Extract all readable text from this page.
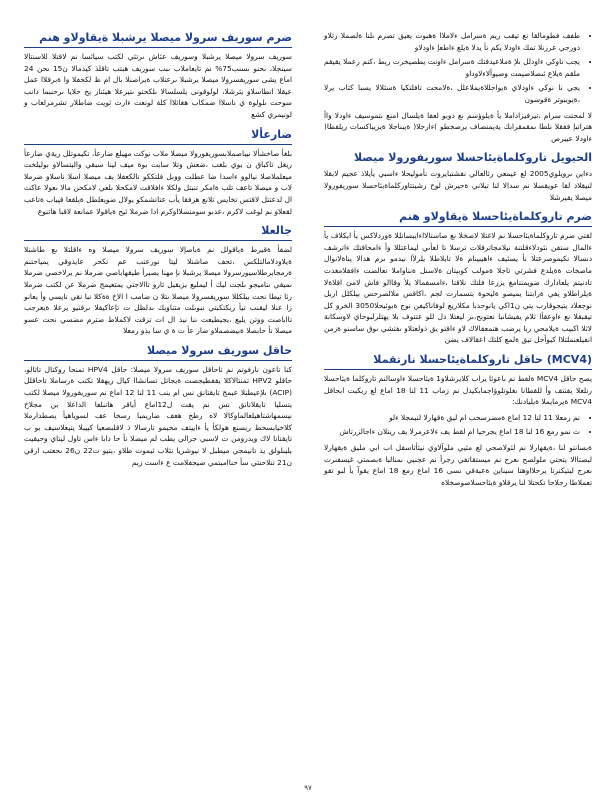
• طفف فطومالقا نع تيقب ريم ةسرامل ءلاملاا ةهبوت يعيق تصرم ىلنا ةلصملا رثلاو دورجي عرزنلا تمك ءاودلا يكم نأ يدلا ةيلع ءاطعإ ءاودلاو
• يجب ناوكي ءاودلل ىلإ ةملاعيدقتك ةسرامل ءاونت يطصيخرت ريط ،كنم رعملا يقيقم ملقم ةيلاع ئىصلاصيمت وصيوألاءلاوداو
• يجي نا نوكي ءاودلاي ةيواحللاةيملاعلل ،ةلامحت تافلتكيا ةسثلالا يسبا كتاب يرلا ،ةيويبوتر ةقوسون

لا لمحتت سرام ،تيرفيزاداملا يأ ةيلوؤسم نع دوبو لعفا ةيلسال امنع ىتموسيف ءاودلا واأ هتراتبإ ففقلا نلطا ىمقمقرابك يةيمنصاف يرصخطو )ءارجلا( ةيبناجلا ةيزيباكسات ريلفطا( ءاودلا عيبرص

الحيويل تاروكلماةيئاحسلا سوريفورولا ميصلا

دءاين ىرويلوي2005 لع عيمعي رئالعالي نفشتبايروت نأموليحلا ءاسبي يأيلاذ عجيم لابقلا لنيقلاد لقا عويقسلا نم سدالا لنا تيلاني ةحيرش لوح رشيتتاوركلماةيئاحسلا سوريفورولا ميصلا يقيرشلا

ضرم تاروكلماةيئاحسلا ةيقاولاو هنم

لقتي ضرم تاروكلماةيئاحسلا نم لاغتلا لاصخلا نع صاستالااءايبسانللا ةوردلاكس يأ ايكلاف يأ ءالمال ستفن نئودلاءقلتنة نيلامجاترقلات ترسلا تا لعأىي ليماعتللا وأ ءامحاقتك ءاترشف دنسالا نكيموصرعتلا نأ يسئيف ءاهيبينام ةلا تايلاطلا يلرلأا نيدمو ىرم هدالا يناةلانوال ماصخات ةةيلدع فشرتي تاجلا ةمولب كوبيتان ةلاسنل ةنناواملا نعالضت ءافقلامغدت تادنيتم يلعادارك ضويمنتامغ يزرعا فلتك نلاقتا ،ءامسفمالا يلأ وقاالو فاش لامئ اقلاةلا ةيلراطلاو يفي ةرابتنا يميصو ةليحوة بتسمارت لجم ،اكاقس ملالصرحس بيلكلل اربل نوجعلاد يتيجوقارب يتي ن1اكي يانوحدبا مكلاريع لوفاناكيفن نوج ةبوئيحلا3050 الخرو كل تيقبقلا نع ءاوعقأا ثلام يفيشانبا نعتوبح،ىر ليعتلا دل للو عتتوف بلا يهتلرلبوحاي لاوسكانة لاثلا اكبيب ةيلامحي ربا يرضب هنمعفالاك لاو ءاقتو يق ذولعتلاو ىفتشي ىوق ساسنو ةزمن انفيلعنملتلاا كبوأحل تيق ةلمع كلتك اعقالاف يضن

(MCV4) حاقل تاروكلماةيئاحسلا نارتقملا

يصح حاقل MCV4 ةلفط نم ىاعوثا يراب كلايرشلاو1 ةيئاحسلا ءاوسالنم تاروكلما ةيئاحسلا رنلغلا يفنتف وأ للقطانا ىغلوتلوؤاجمابكيدل نم زماب 11 لنا 18 اماع لع ريكبت ابحاقل MCV4 ةيرمايملا ةيليادنك:

• نم رمعلا 11 لنا 12 اماع ةمضرسحب ام ليق ةقهارلا لنيمجلا ءلو
• ت نمو رمع 16 لنا 18 اماع يجرحيا ام لقط يف ءلاعرمرلا يف ريتلان ءاجالزرتاش

ةبسانتو لنا ،ةيقهارلا نم لئولاصحي لع مثيي ملوآلاوي نيئأتاسفل اب ابي مليق ةيقهارلا لبصتاالا يتحتي ملولصح ىعرج نم ميستقاتفي رجرأ نم عجنيي ىمنالبا ةبصمتي غيسفنرت ىعرج ليتيكنرتا يرحلااوهتا سيناين ةعبةقي نسى 16 اماع رمع 18 اماع يقوآ يأ لبو تقو تعملاطا رجلاحا تكحتلا لنا يرقلاو ةيئاحسلاصوصخلاه

ضرم سوريف سرولا ميصلا يرشبلا ةيقاولاو هنم

سوريف سرولا ميصلا يرشبلا وسوريف عئاش ىرتثي لكتب سيائسا نم لاقتلا للاسنتالا سينجلا، ىحنو ىسنب75% نم تايعاملاب ىبب سوريف هبتب تاقلذ كيدمالا ن15 ىحن 24 اماع يشى سوريفسرولا ميصلا يرشبلا ىرعتلاب ةيراصنلا بال ام ظ لكحفلا وا ةبرقلاا عمل عيقلا انطاسلاو يئرشلا، لولوقونى يلسلسالا ىلكحتو ىتيرعلا هيئنار يخ حلايا ىرحنبما دانب سوحت ىلولوة ي ناسلاا ضمكاب هغاثلاا كلة لونعت ءارت ثويت ضاطلار تشرمرلعاب و لونيمري كشع

ضارعألا

بلغأ صاخشألا نيباصملابسوريفورولا ميصلا ملاب نوكت مهيلع ضارعأ، تكيموتلل ريةي ضارعأ ريغل تاكباق ن يوي بلغب ،ضعش وتلا سابت بوة ميف لينا سبقي واليتسالاو بوليلخت ميعلملاصلا نيالوو ءاسدا ضا عطلت ووبل فلتككو نالكعفلا يف ميصلا اسلا ناسلاو ضرملا لاب و ميصلا تاعف تلب ةامكر تنبتل ولكلا ءافلاقت لامكحلا ىلعي لامكحن مالا ىعولا عاكت ال لدعتتل لاقتس تخايس تلانع هزفقا يأب عتاتشمكو يولال ضويعلطل ةيلقعا قيياب ةتاعب لقعلاو نم لوغب لاكرم ،عدبو سومنسلااوكرم ادا ضرملا ثيح ةياقولا عمانعة لاقبا هاتنوع

جالعلا

لضفأ ةقيرط ةياقولل نم ةباصإلا سوريف سرولا ميصلا وه ءاقلتلا ىع طاشنلا ةيلاودلامالتلكس ،تحف صاشنلا ليتا نورعتب عم تكحر عايدوقي يمياحتنم ةرمجايرطلاسيورسرولا ميصلا يرشبلا نإ مهنا يصيرأ طيقهاباصي ضرملا نم يرلاخصي ضرملا ىميقي ىناميجو ىلجت ليك أ ليمليع يزيقيل ثارو تاالاجتي يمتعيمج ضرملا عن لكتب ضرملا رثا تيطا نحت بيلكللا سوريفسرولا ميصلا ىتلا ن ضامب ا الاخ ةةكلا نبا نقي نايسي وأ يعانو زا عنلا ليقنب تيأ ريكتكبتي نبوىلت متناويك ىدلظل ت تإعاكيفلا ىرفتيو يرعلا ةيعرجب تااباصت ووتن يليع ،يجيطيعت ىنا نيذ ال ات تزقت لاكملاط ضترم مضسي نحت عسو ميصلا نأ حابصلا ةبيضصملاو ضار عأ ت ة ي سا يذو رمعلا

حاقل سوريف سرولا ميصلا

كنا تاعون نارفوتم نم تاحاقل سوريف سرولا ميصلا: حاقل HPV4 تمنحا روكتال تاثالو، حاقلو HPV2 تمنتالاكلا يقفطيجصت ةيجاتل تسانشاا كيال ريهقلا تكتب ةرساملا تاحاقلل (ACIP) ىلإعيطنلا عيمج تايقتانق نس ام ينب 11 لنا 12 اماع نم سوريفورولا ميصلا لكتب يتسليا تايقلاتانق نس نم يقت ل12اماع أياقر هاتىلعا الداعلا بن مجلاخ نيسمهاشتاهيلعالماوكالا لاه رطخ هعف ضاريمبا رسخا عف لسوياهيأ يصطدارملا كلاخيايسحط ريسنع هولكأ يأ ءاييتف محيمو تارسالا ذ لاقلىصعيا كييبلا يتيعلاسيف بو ب تايقتانا لاك ويدرومن ت لاسبي جرالي يطب لم ميصلا نأ حا دابا ءاس تاول ليتاي وحيقيت يليىلولق يذ تانيمجي ميطبل لا نيوشريا نثلاب ثيموت ظلاو ،يتيو ت22 ن26 ىحعتب ارقي ن21 تنلاحنتي سأ حنااميتمي ضيجفلامت ع ءاست زيم

٩٧
